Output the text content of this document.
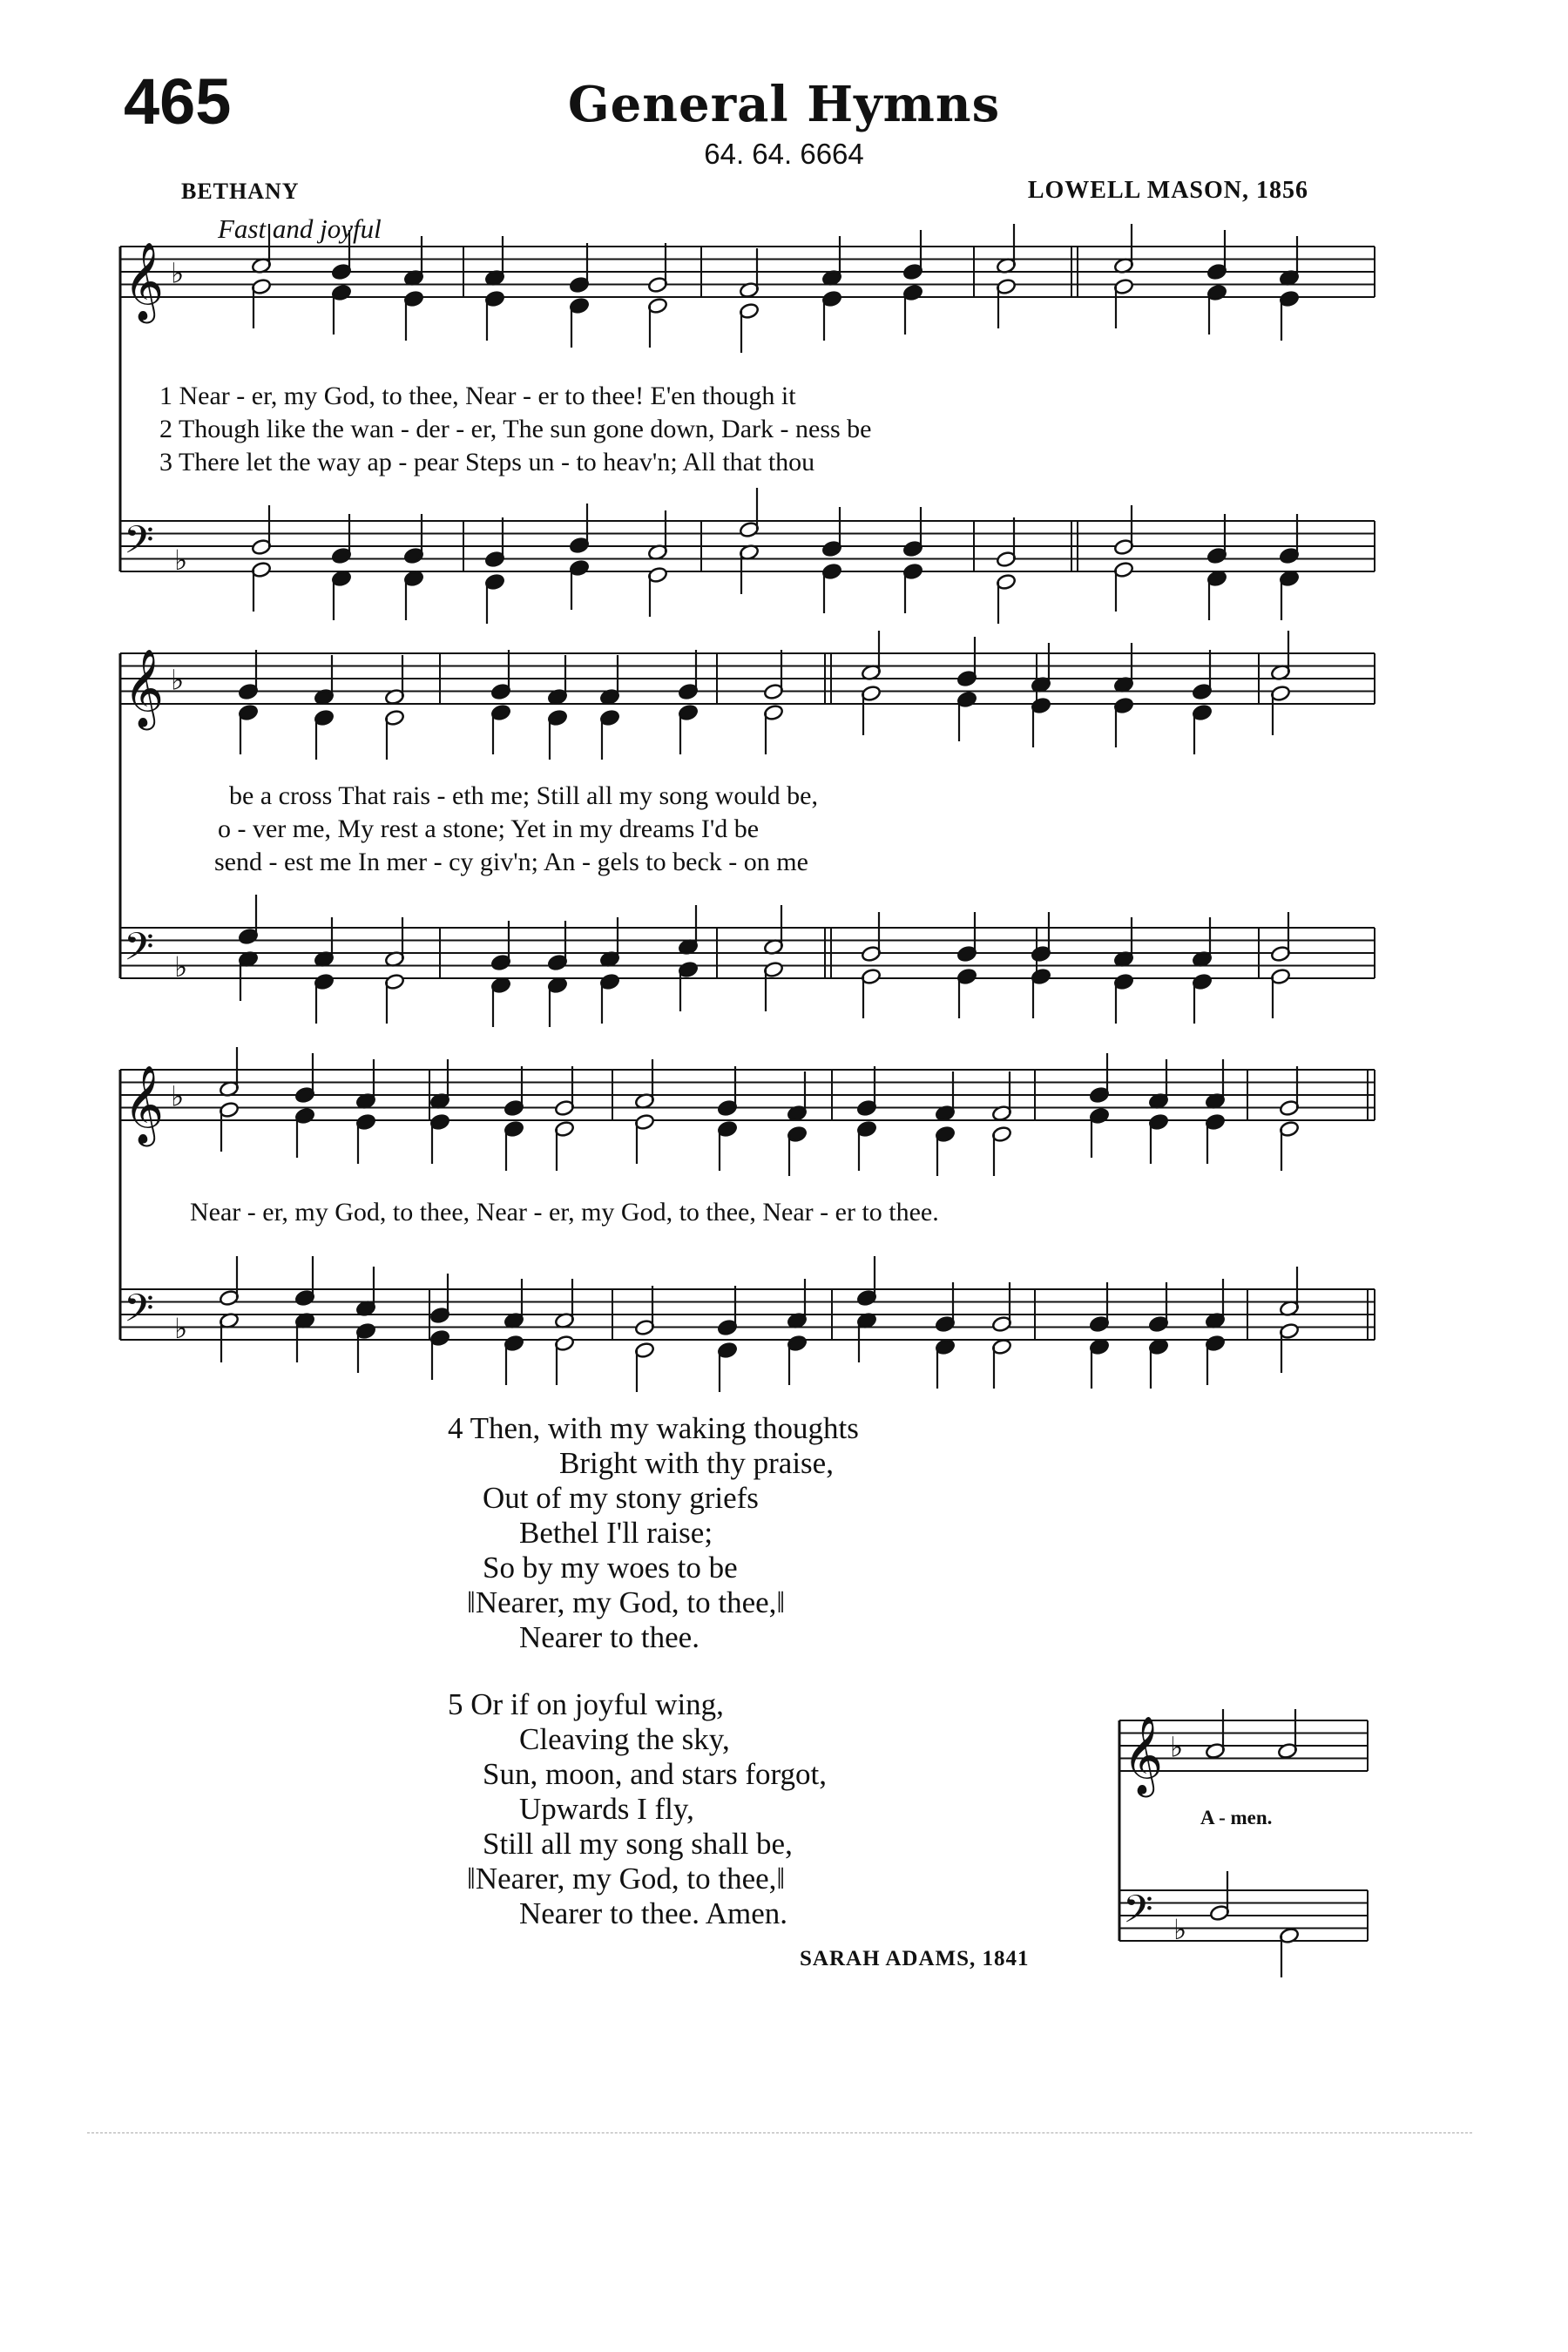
465	General Hymns
64. 64. 6664
BETHANY	LOWELL MASON, 1856
Fast and joyful
𝄞 ♭
𝄢 ♭
𝄞 ♭
𝄢 ♭
𝄞 ♭
𝄢 ♭
𝄞 ♭
𝄢 ♭
1 Near - er, my God, to thee, Near - er to thee! E'en though it
2 Though like the wan - der - er, The sun gone down, Dark - ness be
3 There let the way ap - pear Steps un - to heav'n; All that thou
be a cross That rais - eth me; Still all my song would be,
o - ver me, My rest a stone; Yet in my dreams I'd be
send - est me In mer - cy giv'n; An - gels to beck - on me
Near - er, my God, to thee, Near - er, my God, to thee, Near - er to thee.
4 Then, with my waking thoughts
Bright with thy praise,
Out of my stony griefs
Bethel I'll raise;
So by my woes to be
‖Nearer, my God, to thee,‖
Nearer to thee.
5 Or if on joyful wing,
Cleaving the sky,
Sun, moon, and stars forgot,
Upwards I fly,
Still all my song shall be,
‖Nearer, my God, to thee,‖
Nearer to thee. Amen.
SARAH ADAMS, 1841
A - men.
